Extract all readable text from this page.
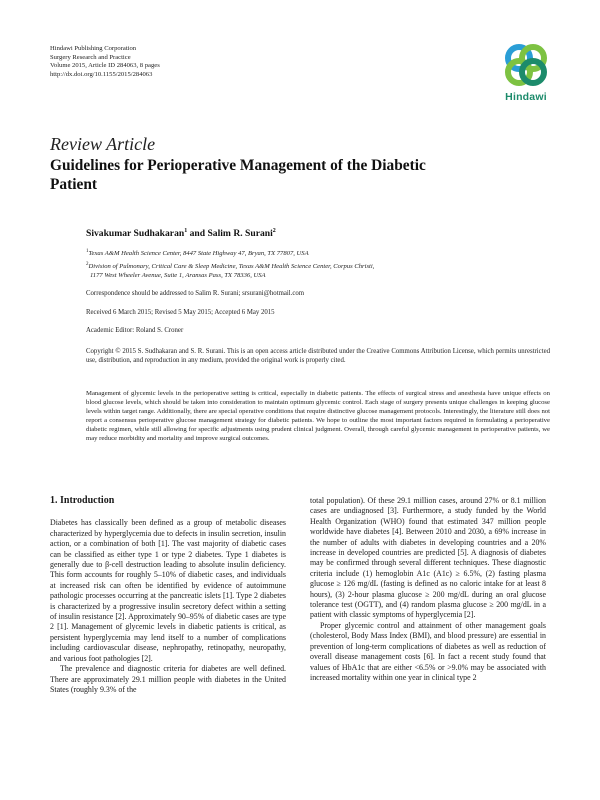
Hindawi Publishing Corporation
Surgery Research and Practice
Volume 2015, Article ID 284063, 8 pages
http://dx.doi.org/10.1155/2015/284063
Hindawi
Review Article
Guidelines for Perioperative Management of the Diabetic Patient
Sivakumar Sudhakaran$^1$ and Salim R. Surani$^2$
$^1$Texas A&M Health Science Center, 8447 State Highway 47, Bryan, TX 77807, USA
$^2$Division of Pulmonary, Critical Care & Sleep Medicine, Texas A&M Health Science Center, Corpus Christi,
1177 West Wheeler Avenue, Suite 1, Aransas Pass, TX 78336, USA
Correspondence should be addressed to Salim R. Surani; srsurani@hotmail.com
Received 6 March 2015; Revised 5 May 2015; Accepted 6 May 2015
Academic Editor: Roland S. Croner
Copyright © 2015 S. Sudhakaran and S. R. Surani. This is an open access article distributed under the Creative Commons Attribution License, which permits unrestricted use, distribution, and reproduction in any medium, provided the original work is properly cited.
Management of glycemic levels in the perioperative setting is critical, especially in diabetic patients. The effects of surgical stress and anesthesia have unique effects on blood glucose levels, which should be taken into consideration to maintain optimum glycemic control. Each stage of surgery presents unique challenges in keeping glucose levels within target range. Additionally, there are special operative conditions that require distinctive glucose management protocols. Interestingly, the literature still does not report a consensus perioperative glucose management strategy for diabetic patients. We hope to outline the most important factors required in formulating a perioperative diabetic regimen, while still allowing for specific adjustments using prudent clinical judgment. Overall, through careful glycemic management in perioperative patients, we may reduce morbidity and mortality and improve surgical outcomes.
1. Introduction

Diabetes has classically been defined as a group of metabolic diseases characterized by hyperglycemia due to defects in insulin secretion, insulin action, or a combination of both [1]. The vast majority of diabetic cases can be classified as either type 1 or type 2 diabetes. Type 1 diabetes is generally due to β-cell destruction leading to absolute insulin deficiency. This form accounts for roughly 5–10% of diabetic cases, and individuals at increased risk can often be identified by evidence of autoimmune pathologic processes occurring at the pancreatic islets [1]. Type 2 diabetes is characterized by a progressive insulin secretory defect within a setting of insulin resistance [2]. Approximately 90–95% of diabetic cases are type 2 [1]. Management of glycemic levels in diabetic patients is critical, as persistent hyperglycemia may lend itself to a number of complications including cardiovascular disease, nephropathy, retinopathy, neuropathy, and various foot pathologies [2].

The prevalence and diagnostic criteria for diabetes are well defined. There are approximately 29.1 million people with diabetes in the United States (roughly 9.3% of the

total population). Of these 29.1 million cases, around 27% or 8.1 million cases are undiagnosed [3]. Furthermore, a study funded by the World Health Organization (WHO) found that estimated 347 million people worldwide have diabetes [4]. Between 2010 and 2030, a 69% increase in the number of adults with diabetes in developing countries and a 20% increase in developed countries are predicted [5]. A diagnosis of diabetes may be confirmed through several different techniques. These diagnostic criteria include (1) hemoglobin A1c (A1c) ≥ 6.5%, (2) fasting plasma glucose ≥ 126 mg/dL (fasting is defined as no caloric intake for at least 8 hours), (3) 2-hour plasma glucose ≥ 200 mg/dL during an oral glucose tolerance test (OGTT), and (4) random plasma glucose ≥ 200 mg/dL in a patient with classic symptoms of hyperglycemia [2].

Proper glycemic control and attainment of other management goals (cholesterol, Body Mass Index (BMI), and blood pressure) are essential in prevention of long-term complications of diabetes as well as reduction of overall disease management costs [6]. In fact a recent study found that values of HbA1c that are either <6.5% or >9.0% may be associated with increased mortality within one year in clinical type 2
